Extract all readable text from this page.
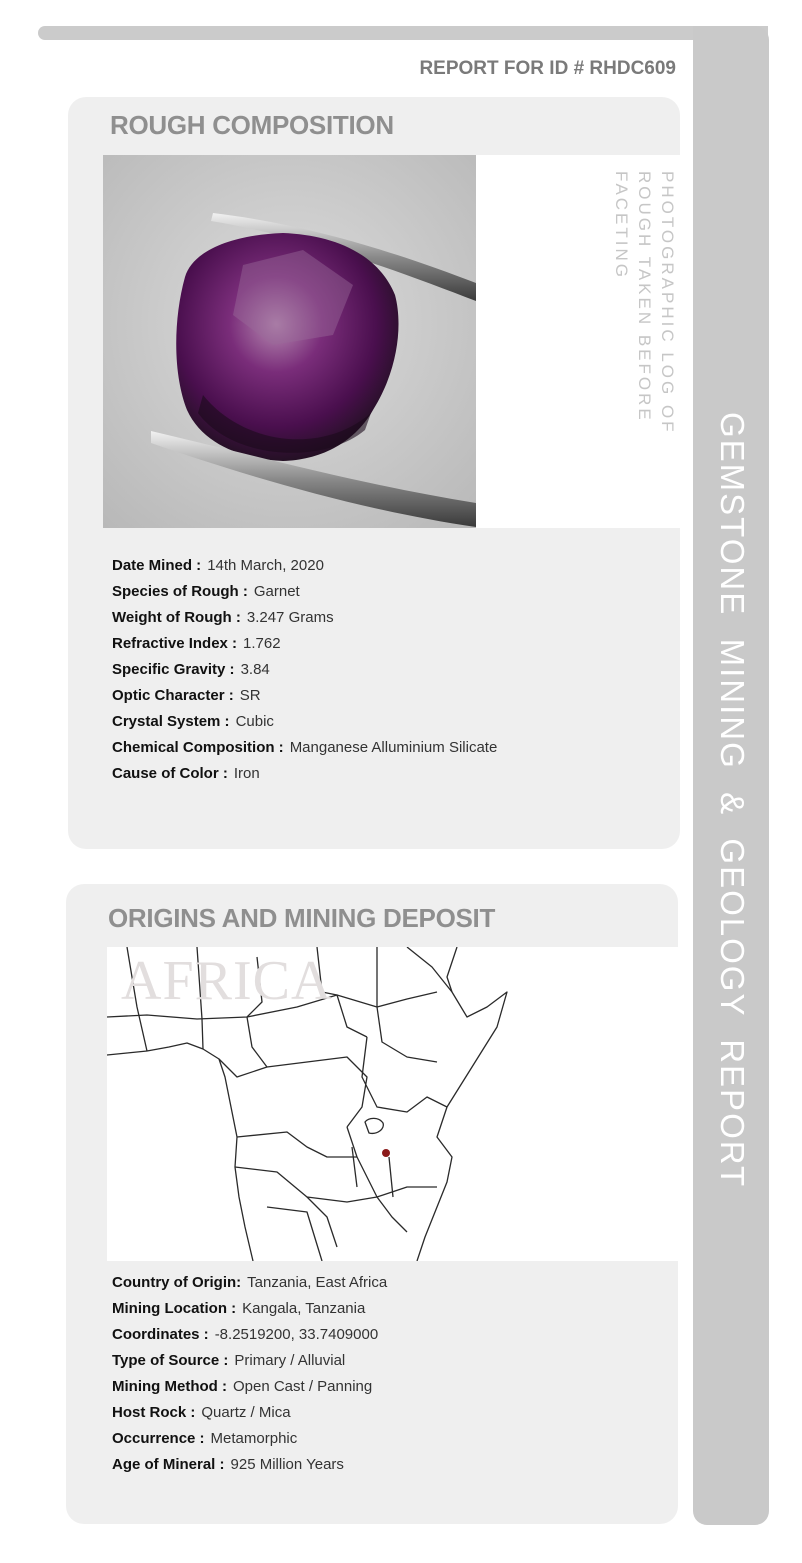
GEMSTONE  MINING  &  GEOLOGY  REPORT
REPORT FOR ID # RHDC609
ROUGH COMPOSITION
PHOTOGRAPHIC LOG OF ROUGH TAKEN BEFORE FACETING
Date Mined : 14th March, 2020
Species of Rough : Garnet
Weight of Rough : 3.247 Grams
Refractive Index : 1.762
Specific Gravity : 3.84
Optic Character : SR
Crystal System : Cubic
Chemical Composition : Manganese Alluminium Silicate
Cause of Color : Iron
ORIGINS AND MINING DEPOSIT
AFRICA
Country of Origin: Tanzania, East Africa
Mining Location : Kangala, Tanzania
Coordinates : -8.2519200, 33.7409000
Type of Source : Primary / Alluvial
Mining Method : Open Cast / Panning
Host Rock : Quartz / Mica
Occurrence : Metamorphic
Age of Mineral : 925 Million Years
